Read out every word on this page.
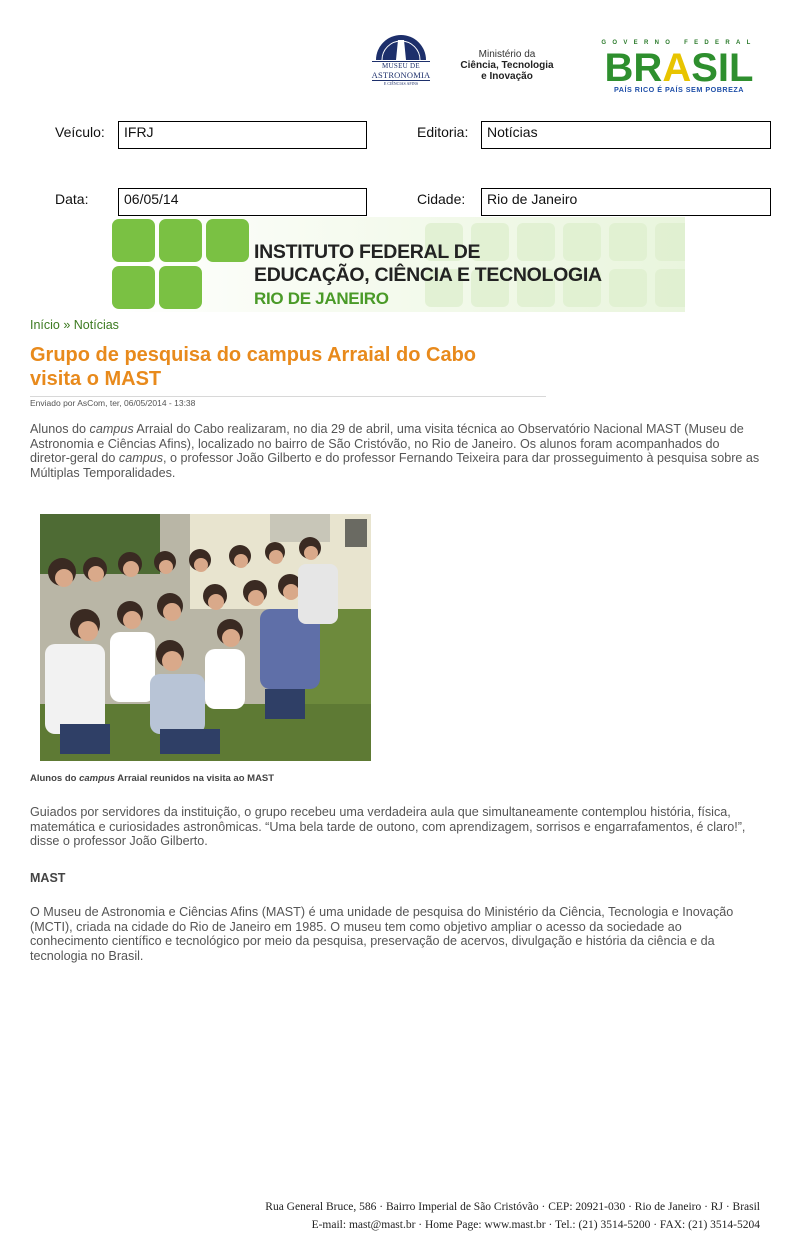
MUSEU DE
ASTRONOMIA
E CIÊNCIAS AFINS
Ministério da
Ciência, Tecnologia
e Inovação
GOVERNO FEDERAL
BRASIL
PAÍS RICO É PAÍS SEM POBREZA
Veículo:	IFRJ	Editoria:	Notícias
Data:	06/05/14	Cidade:	Rio de Janeiro
INSTITUTO FEDERAL DE
EDUCAÇÃO, CIÊNCIA E TECNOLOGIA
RIO DE JANEIRO
Início » Notícias
Grupo de pesquisa do campus Arraial do Cabo
visita o MAST
Enviado por AsCom, ter, 06/05/2014 - 13:38
Alunos do campus Arraial do Cabo realizaram, no dia 29 de abril, uma visita técnica ao Observatório Nacional MAST (Museu de Astronomia e Ciências Afins), localizado no bairro de São Cristóvão, no Rio de Janeiro. Os alunos foram acompanhados do diretor-geral do campus, o professor João Gilberto e do professor Fernando Teixeira para dar prosseguimento à pesquisa sobre as Múltiplas Temporalidades.
Alunos do campus Arraial reunidos na visita ao MAST
Guiados por servidores da instituição, o grupo recebeu uma verdadeira aula que simultaneamente contemplou história, física, matemática e curiosidades astronômicas. “Uma bela tarde de outono, com aprendizagem, sorrisos e engarrafamentos, é claro!”, disse o professor João Gilberto.
MAST
O Museu de Astronomia e Ciências Afins (MAST) é uma unidade de pesquisa do Ministério da Ciência, Tecnologia e Inovação (MCTI), criada na cidade do Rio de Janeiro em 1985. O museu tem como objetivo ampliar o acesso da sociedade ao conhecimento científico e tecnológico por meio da pesquisa, preservação de acervos, divulgação e história da ciência e da tecnologia no Brasil.
Rua General Bruce, 586 · Bairro Imperial de São Cristóvão · CEP: 20921-030 · Rio de Janeiro · RJ · Brasil
E-mail: mast@mast.br · Home Page: www.mast.br · Tel.: (21) 3514-5200 · FAX: (21) 3514-5204
